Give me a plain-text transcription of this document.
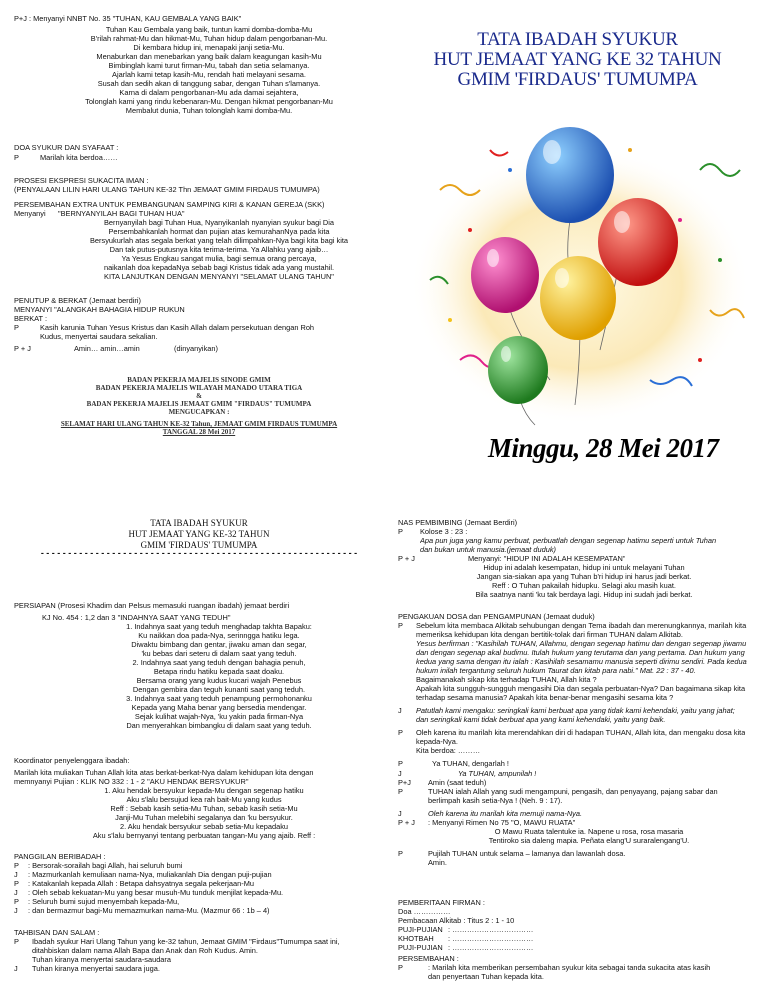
P+J : Menyanyi NNBT No. 35 "TUHAN, KAU GEMBALA YANG BAIK"
Tuhan Kau Gembala yang baik, tuntun kami domba-domba-Mu
B'rilah rahmat-Mu dan hikmat-Mu, Tuhan hidup dalam pengorbanan-Mu.
Di kembara hidup ini, menapaki janji setia-Mu.
Menaburkan dan menebarkan yang baik dalam keagungan kasih-Mu
Bimbinglah kami turut firman-Mu, tabah dan setia selamanya.
Ajarlah kami tetap kasih-Mu, rendah hati melayani sesama.
Susah dan sedih akan di tanggung sabar, dengan Tuhan s'lamanya.
Karna di dalam pengorbanan-Mu ada damai sejahtera,
Tolonglah kami yang rindu kebenaran-Mu. Dengan hikmat pengorbanan-Mu
Membalut dunia, Tuhan tolonglah kami domba-Mu.
DOA SYUKUR DAN SYAFAAT :
P	Marilah kita berdoa……
PROSESI EKSPRESI SUKACITA IMAN :
(PENYALAAN LILIN HARI ULANG TAHUN KE-32 Thn JEMAAT GMIM FIRDAUS TUMUMPA)
PERSEMBAHAN EXTRA UNTUK PEMBANGUNAN SAMPING KIRI & KANAN GEREJA (SKK)
Menyanyi	"BERNYANYILAH BAGI TUHAN HUA"
Bernyanyilah bagi Tuhan Hua, Nyanyikanlah nyanyian syukur bagi Dia
Persembahkanlah hormat dan pujian atas kemurahanNya pada kita
Bersyukurlah atas segala berkat yang telah dilimpahkan-Nya bagi kita bagi kita
Dan tak putus-putusnya kita terima-terima. Ya Allahku yang ajaib…
Ya Yesus Engkau sangat mulia, bagi semua orang percaya,
naikanlah doa kepadaNya sebab bagi Kristus tidak ada yang mustahil.
KITA LANJUTKAN DENGAN MENYANYI "SELAMAT ULANG TAHUN"
PENUTUP & BERKAT (Jemaat berdiri)
MENYANYI "ALANGKAH BAHAGIA HIDUP RUKUN
BERKAT :
P	Kasih karunia Tuhan Yesus Kristus dan Kasih Allah dalam persekutuan dengan Roh
Kudus, menyertai saudara sekalian.
P + J	Amin… amin…amin	(dinyanyikan)
BADAN PEKERJA MAJELIS SINODE GMIM
BADAN PEKERJA MAJELIS WILAYAH MANADO UTARA TIGA
&
BADAN PEKERJA MAJELIS JEMAAT GMIM "FIRDAUS" TUMUMPA
MENGUCAPKAN :
SELAMAT HARI ULANG TAHUN KE-32 Tahun, JEMAAT GMIM FIRDAUS TUMUMPA
TANGGAL 28 Mei 2017
TATA IBADAH SYUKUR
HUT JEMAAT YANG KE 32 TAHUN
GMIM 'FIRDAUS' TUMUMPA
Minggu, 28 Mei 2017
TATA IBADAH SYUKUR
HUT JEMAAT YANG KE-32 TAHUN
GMIM 'FIRDAUS' TUMUMPA
- - - - - - - - - - - - - - - - - - - - - - - - - - - - - - - - - - - - - - - - - - - - - - - - - - - - - - - - - -
PERSIAPAN (Prosesi Khadim dan Pelsus memasuki ruangan ibadah) jemaat berdiri
KJ No. 454 : 1,2 dan 3 "INDAHNYA SAAT YANG TEDUH"
1. Indahnya saat yang teduh menghadap takhta Bapaku:
Ku naikkan doa pada-Nya, serinngga hatiku lega.
Diwaktu bimbang dan gentar, jiwaku aman dan segar,
'ku bebas dari seteru di dalam saat yang teduh.
2. Indahnya saat yang teduh dengan bahagia penuh,
Betapa rindu hatiku kepada saat doaku.
Bersama orang yang kudus kucari wajah Penebus
Dengan gembira dan teguh kunanti saat yang teduh.
3. Indahnya saat yang teduh penampung permohonanku
Kepada yang Maha benar yang bersedia mendengar.
Sejak kulihat wajah-Nya, 'ku yakin pada firman-Nya
Dan menyerahkan bimbangku di dalam saat yang teduh.
Koordinator penyelenggara ibadah:
Marilah kita muliakan Tuhan Allah kita atas berkat-berkat-Nya dalam kehidupan kita dengan
memnyanyi Pujian : KLIK NO 332 : 1 - 2 "AKU HENDAK BERSYUKUR"
1. Aku hendak bersyukur kepada-Mu dengan segenap hatiku
Aku s'lalu bersujud kea rah bait-Mu yang kudus
Reff : Sebab kasih setia-Mu Tuhan, sebab kasih setia-Mu
Janji-Mu Tuhan melebihi segalanya dan 'ku bersyukur.
2. Aku hendak bersyukur sebab setia-Mu kepadaku
Aku s'lalu bernyanyi tentang perbuatan tangan-Mu yang ajaib. Reff :
PANGGILAN BERIBADAH :
P	: Bersorak-sorailah bagi Allah, hai seluruh bumi
J	: Mazmurkanlah kemuliaan nama-Nya, muliakanlah Dia dengan puji-pujian
P	: Katakanlah kepada Allah : Betapa dahsyatnya segala pekerjaan-Mu
J	: Oleh sebab kekuatan-Mu yang besar musuh-Mu tunduk menjilat kepada-Mu.
P	: Seluruh bumi sujud menyembah kepada-Mu,
J	: dan bermazmur bagi-Mu memazmurkan nama-Mu. (Mazmur 66 : 1b – 4)
TAHBISAN DAN SALAM :
P	Ibadah syukur Hari Ulang Tahun yang ke-32 tahun, Jemaat GMIM "Firdaus"Tumumpa saat ini,
ditahbiskan dalam nama Allah Bapa dan Anak dan Roh Kudus. Amin.
Tuhan kiranya menyertai saudara-saudara
J	Tuhan kiranya menyertai saudara juga.
NAS PEMBIMBING (Jemaat Berdiri)
P	Kolose 3 : 23 :
Apa pun juga yang kamu perbuat, perbuatlah dengan segenap hatimu seperti untuk Tuhan
dan bukan untuk manusia.(jemaat duduk)
P + J	Menyanyi: "HIDUP INI ADALAH KESEMPATAN"
Hidup ini adalah kesempatan, hidup ini untuk melayani Tuhan
Jangan sia-siakan apa yang Tuhan b'ri hidup ini harus jadi berkat.
Reff : O Tuhan pakailah hidupku. Selagi aku masih kuat.
Bila saatnya nanti 'ku tak berdaya lagi. Hidup ini sudah jadi berkat.
PENGAKUAN DOSA dan PENGAMPUNAN (Jemaat duduk)
P	Sebelum kita membaca Alkitab sehubungan dengan Tema ibadah dan merenungkannya, marilah kita
memeriksa kehidupan kita dengan bertitik-tolak dari firman TUHAN dalam Alkitab.
Yesus berfirman : "Kasihilah TUHAN, Allahmu, dengan segenap hatimu dan dengan segenap jiwamu
dan dengan segenap akal budimu. Itulah hukum yang terutama dan yang pertama. Dan hukum yang
kedua yang sama dengan itu ialah : Kasihilah sesamamu manusia seperti dirimu sendiri. Pada kedua
hukum inilah tergantung seluruh hukum Taurat dan kitab para nabi." Mat. 22 : 37 - 40.
Bagaimanakah sikap kita terhadap TUHAN, Allah kita ?
Apakah kita sungguh-sungguh mengasihi Dia dan segala perbuatan-Nya? Dan bagaimana sikap kita
terhadap sesama manusia? Apakah kita benar-benar mengasihi sesama kita ?
J	Patutlah kami mengaku: seringkali kami berbuat apa yang tidak kami kehendaki, yaitu yang jahat;
dan seringkali kami tidak berbuat apa yang kami kehendaki, yaitu yang baik.
P	Oleh karena itu marilah kita merendahkan diri di hadapan TUHAN, Allah kita, dan mengaku dosa kita
kepada-Nya.
Kita berdoa: ………
P	Ya TUHAN, dengarlah !
J	Ya TUHAN, ampunilah !
P+J	Amin (saat teduh)
P	TUHAN ialah Allah yang sudi mengampuni, pengasih, dan penyayang, pajang sabar dan
berlimpah kasih setia-Nya ! (Neh. 9 : 17).
J	Oleh karena itu marilah kita memuji nama-Nya.
P + J	: Menyanyi Rimen No 75 "O, MAWU RUATA"
O Mawu Ruata talentuke ia. Napene u rosa, rosa masaria
Tentiroko sia daleng mapia. Peñata elang'U suraralengang'U.
P	Pujilah TUHAN untuk selama – lamanya dan lawanlah dosa.
Amin.
PEMBERITAAN FIRMAN :
Doa ……………
Pembacaan Alkitab : Titus 2 : 1 - 10
PUJI-PUJIAN : ……………………………
KHOTBAH	: ……………………………
PUJI-PUJIAN : ……………………………
PERSEMBAHAN :
P	: Marilah kita memberikan persembahan syukur kita sebagai tanda sukacita atas kasih
dan penyertaan Tuhan kepada kita.
